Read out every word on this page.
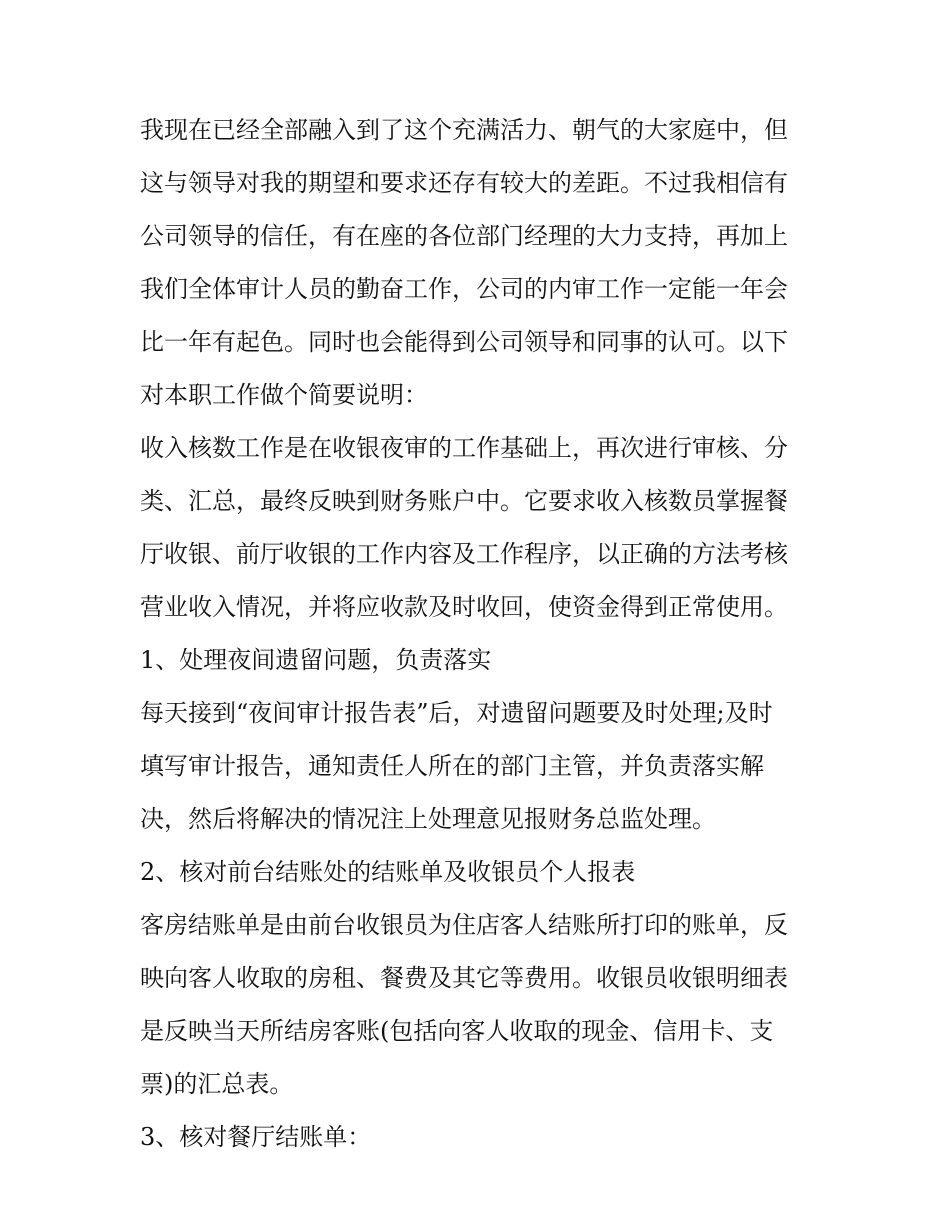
我现在已经全部融入到了这个充满活力、朝气的大家庭中，但

这与领导对我的期望和要求还存有较大的差距。不过我相信有

公司领导的信任，有在座的各位部门经理的大力支持，再加上

我们全体审计人员的勤奋工作，公司的内审工作一定能一年会

比一年有起色。同时也会能得到公司领导和同事的认可。以下

对本职工作做个简要说明：

收入核数工作是在收银夜审的工作基础上，再次进行审核、分

类、汇总，最终反映到财务账户中。它要求收入核数员掌握餐

厅收银、前厅收银的工作内容及工作程序，以正确的方法考核

营业收入情况，并将应收款及时收回，使资金得到正常使用。

1、处理夜间遗留问题，负责落实

每天接到“夜间审计报告表”后，对遗留问题要及时处理;及时

填写审计报告，通知责任人所在的部门主管，并负责落实解

决，然后将解决的情况注上处理意见报财务总监处理。

2、核对前台结账处的结账单及收银员个人报表

客房结账单是由前台收银员为住店客人结账所打印的账单，反

映向客人收取的房租、餐费及其它等费用。收银员收银明细表

是反映当天所结房客账(包括向客人收取的现金、信用卡、支

票)的汇总表。

3、核对餐厅结账单：
